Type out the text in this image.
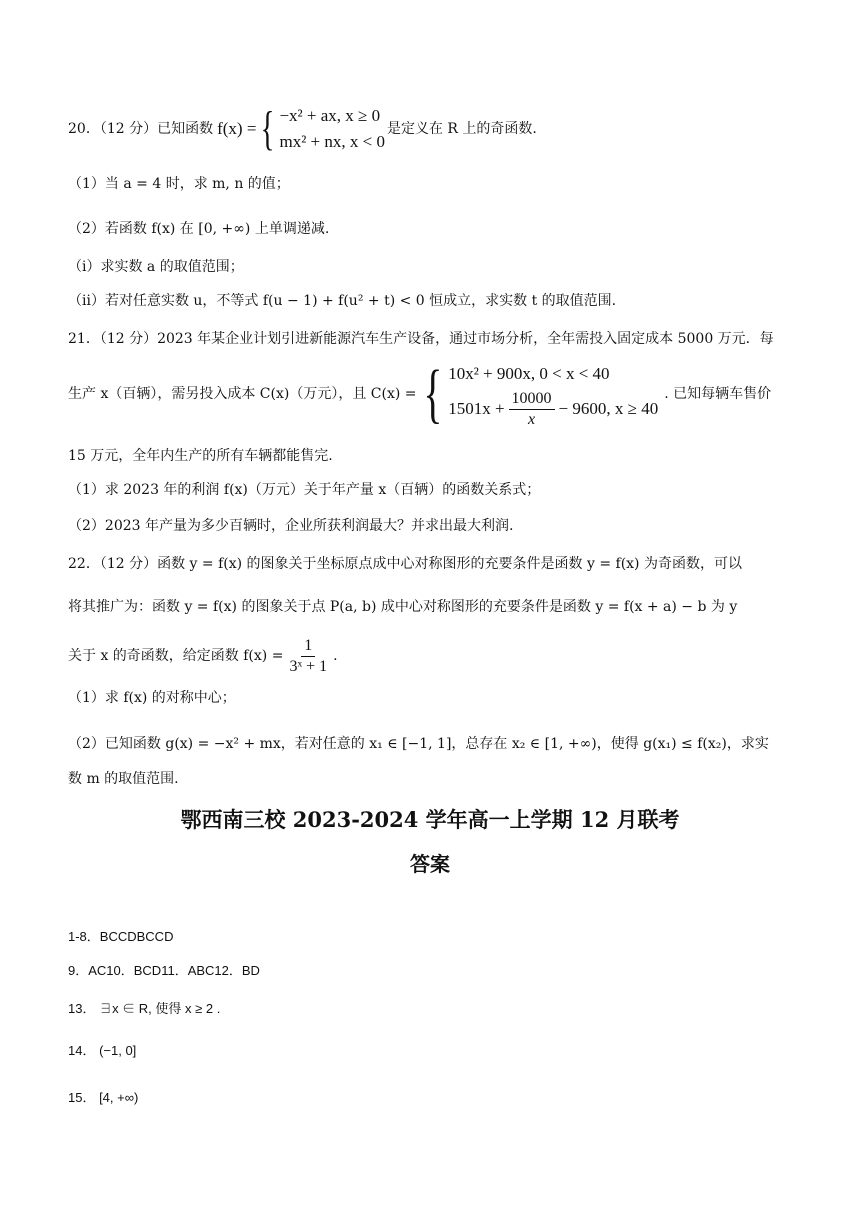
20．（12 分）已知函数 f(x) = { −x² + ax, x ≥ 0
mx² + nx, x < 0
是定义在 R 上的奇函数.
（1）当 a = 4 时，求 m, n 的值；
（2）若函数 f(x) 在 [0, +∞) 上单调递减.
（ⅰ）求实数 a 的取值范围；
（ⅱ）若对任意实数 u，不等式 f(u − 1) + f(u² + t) < 0 恒成立，求实数 t 的取值范围.
21．（12 分）2023 年某企业计划引进新能源汽车生产设备，通过市场分析，全年需投入固定成本 5000 万元．每
生产 x（百辆），需另投入成本 C(x)（万元），且 C(x) = { 10x² + 900x, 0 < x < 40
$1501x + \frac{10000}{x} - 9600$, x ≥ 40
. 已知每辆车售价
15 万元，全年内生产的所有车辆都能售完.
（1）求 2023 年的利润 f(x)（万元）关于年产量 x（百辆）的函数关系式；
（2）2023 年产量为多少百辆时，企业所获利润最大？并求出最大利润.
22．（12 分）函数 y = f(x) 的图象关于坐标原点成中心对称图形的充要条件是函数 y = f(x) 为奇函数，可以
将其推广为：函数 y = f(x) 的图象关于点 P(a, b) 成中心对称图形的充要条件是函数 y = f(x + a) − b 为 y
关于 x 的奇函数，给定函数 $f(x) = \frac{1}{\text{3ˣ + 1}}$ .
（1）求 f(x) 的对称中心；
（2）已知函数 g(x) = −x² + mx，若对任意的 x₁ ∈ [−1, 1]，总存在 x₂ ∈ [1, +∞)，使得 g(x₁) ≤ f(x₂)，求实
数 m 的取值范围.
鄂西南三校 2023-2024 学年高一上学期 12 月联考
答案
1-8．BCCDBCCD
9．AC10．BCD11．ABC12．BD
13． ∃x ∈ R, 使得 x ≥ 2 .
14． (−1, 0]
15． [4, +∞)
